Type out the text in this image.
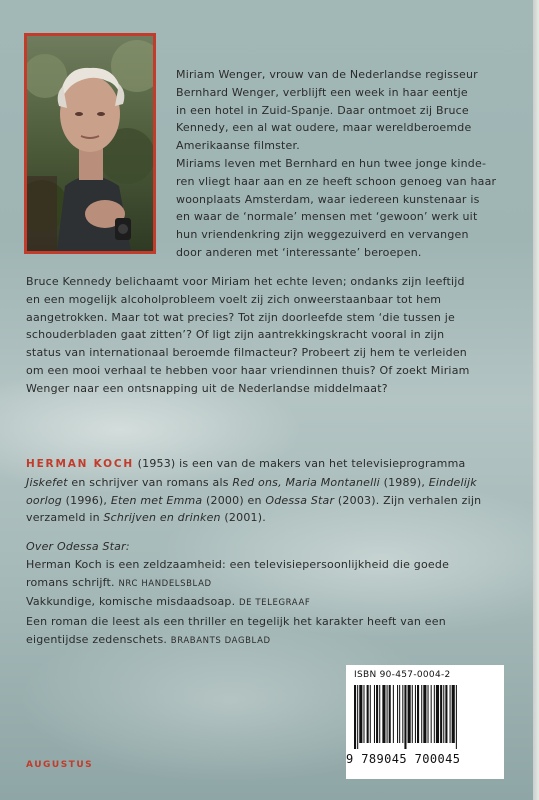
Miriam Wenger, vrouw van de Nederlandse regisseur

Bernhard Wenger, verblijft een week in haar eentje

in een hotel in Zuid-Spanje. Daar ontmoet zij Bruce

Kennedy, een al wat oudere, maar wereldberoemde

Amerikaanse filmster.

Miriams leven met Bernhard en hun twee jonge kinde-

ren vliegt haar aan en ze heeft schoon genoeg van haar

woonplaats Amsterdam, waar iedereen kunstenaar is

en waar de ‘normale’ mensen met ‘gewoon’ werk uit

hun vriendenkring zijn weggezuiverd en vervangen

door anderen met ‘interessante’ beroepen.

Bruce Kennedy belichaamt voor Miriam het echte leven; ondanks zijn leeftijd

en een mogelijk alcoholprobleem voelt zij zich onweerstaanbaar tot hem

aangetrokken. Maar tot wat precies? Tot zijn doorleefde stem ‘die tussen je

schouderbladen gaat zitten’? Of ligt zijn aantrekkingskracht vooral in zijn

status van internationaal beroemde filmacteur? Probeert zij hem te verleiden

om een mooi verhaal te hebben voor haar vriendinnen thuis? Of zoekt Miriam

Wenger naar een ontsnapping uit de Nederlandse middelmaat?

HERMAN KOCH (1953) is een van de makers van het televisieprogramma
Jiskefet en schrijver van romans als Red ons, Maria Montanelli (1989), Eindelijk
oorlog (1996), Eten met Emma (2000) en Odessa Star (2003). Zijn verhalen zijn
verzameld in Schrijven en drinken (2001).

Over Odessa Star:

Herman Koch is een zeldzaamheid: een televisiepersoonlijkheid die goede

romans schrijft. NRC HANDELSBLAD

Vakkundige, komische misdaadsoap. DE TELEGRAAF

Een roman die leest als een thriller en tegelijk het karakter heeft van een

eigentijdse zedenschets. BRABANTS DAGBLAD

ISBN 90-457-0004-2
9 789045 700045
AUGUSTUS
